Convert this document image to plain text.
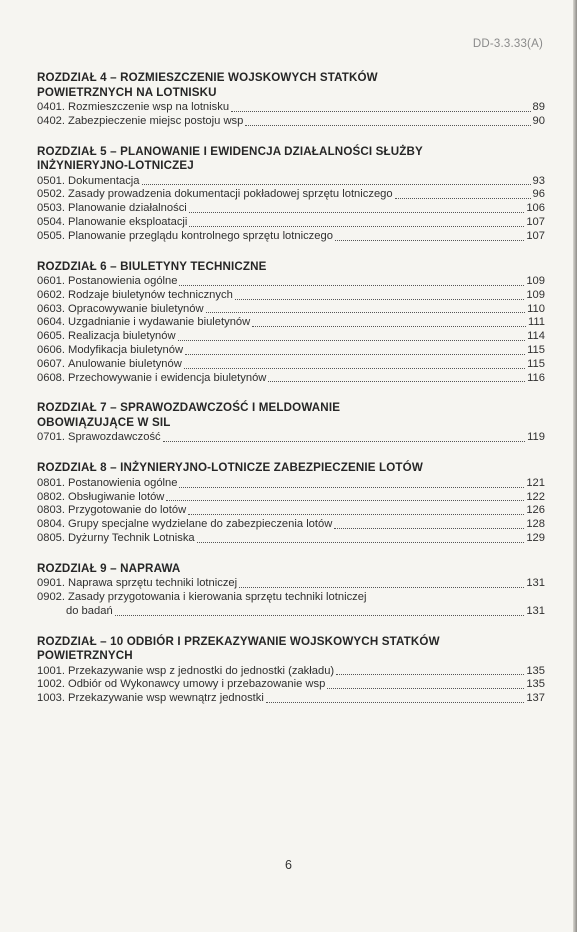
DD-3.3.33(A)
ROZDZIAŁ 4 – ROZMIESZCZENIE WOJSKOWYCH STATKÓW
POWIETRZNYCH NA LOTNISKU
0401. Rozmieszczenie wsp na lotnisku	89
0402. Zabezpieczenie miejsc postoju wsp	90
ROZDZIAŁ 5 – PLANOWANIE I EWIDENCJA DZIAŁALNOŚCI SŁUŻBY
INŻYNIERYJNO-LOTNICZEJ
0501. Dokumentacja	93
0502. Zasady prowadzenia dokumentacji pokładowej sprzętu lotniczego	96
0503. Planowanie działalności	106
0504. Planowanie eksploatacji	107
0505. Planowanie przeglądu kontrolnego sprzętu lotniczego	107
ROZDZIAŁ 6 – BIULETYNY TECHNICZNE
0601. Postanowienia ogólne	109
0602. Rodzaje biuletynów technicznych	109
0603. Opracowywanie biuletynów	110
0604. Uzgadnianie i wydawanie biuletynów	111
0605. Realizacja biuletynów	114
0606. Modyfikacja biuletynów	115
0607. Anulowanie biuletynów	115
0608. Przechowywanie i ewidencja biuletynów	116
ROZDZIAŁ 7 – SPRAWOZDAWCZOŚĆ I MELDOWANIE
OBOWIĄZUJĄCE W SIL
0701. Sprawozdawczość	119
ROZDZIAŁ 8 – INŻYNIERYJNO-LOTNICZE ZABEZPIECZENIE LOTÓW
0801. Postanowienia ogólne	121
0802. Obsługiwanie lotów	122
0803. Przygotowanie do lotów	126
0804. Grupy specjalne wydzielane do zabezpieczenia lotów	128
0805. Dyżurny Technik Lotniska	129
ROZDZIAŁ 9 – NAPRAWA
0901. Naprawa sprzętu techniki lotniczej	131
0902. Zasady przygotowania i kierowania sprzętu techniki lotniczej
do badań	131
ROZDZIAŁ – 10 ODBIÓR I PRZEKAZYWANIE WOJSKOWYCH STATKÓW
POWIETRZNYCH
1001. Przekazywanie wsp z jednostki do jednostki (zakładu)	135
1002. Odbiór od Wykonawcy umowy i przebazowanie wsp	135
1003. Przekazywanie wsp wewnątrz jednostki	137
6
